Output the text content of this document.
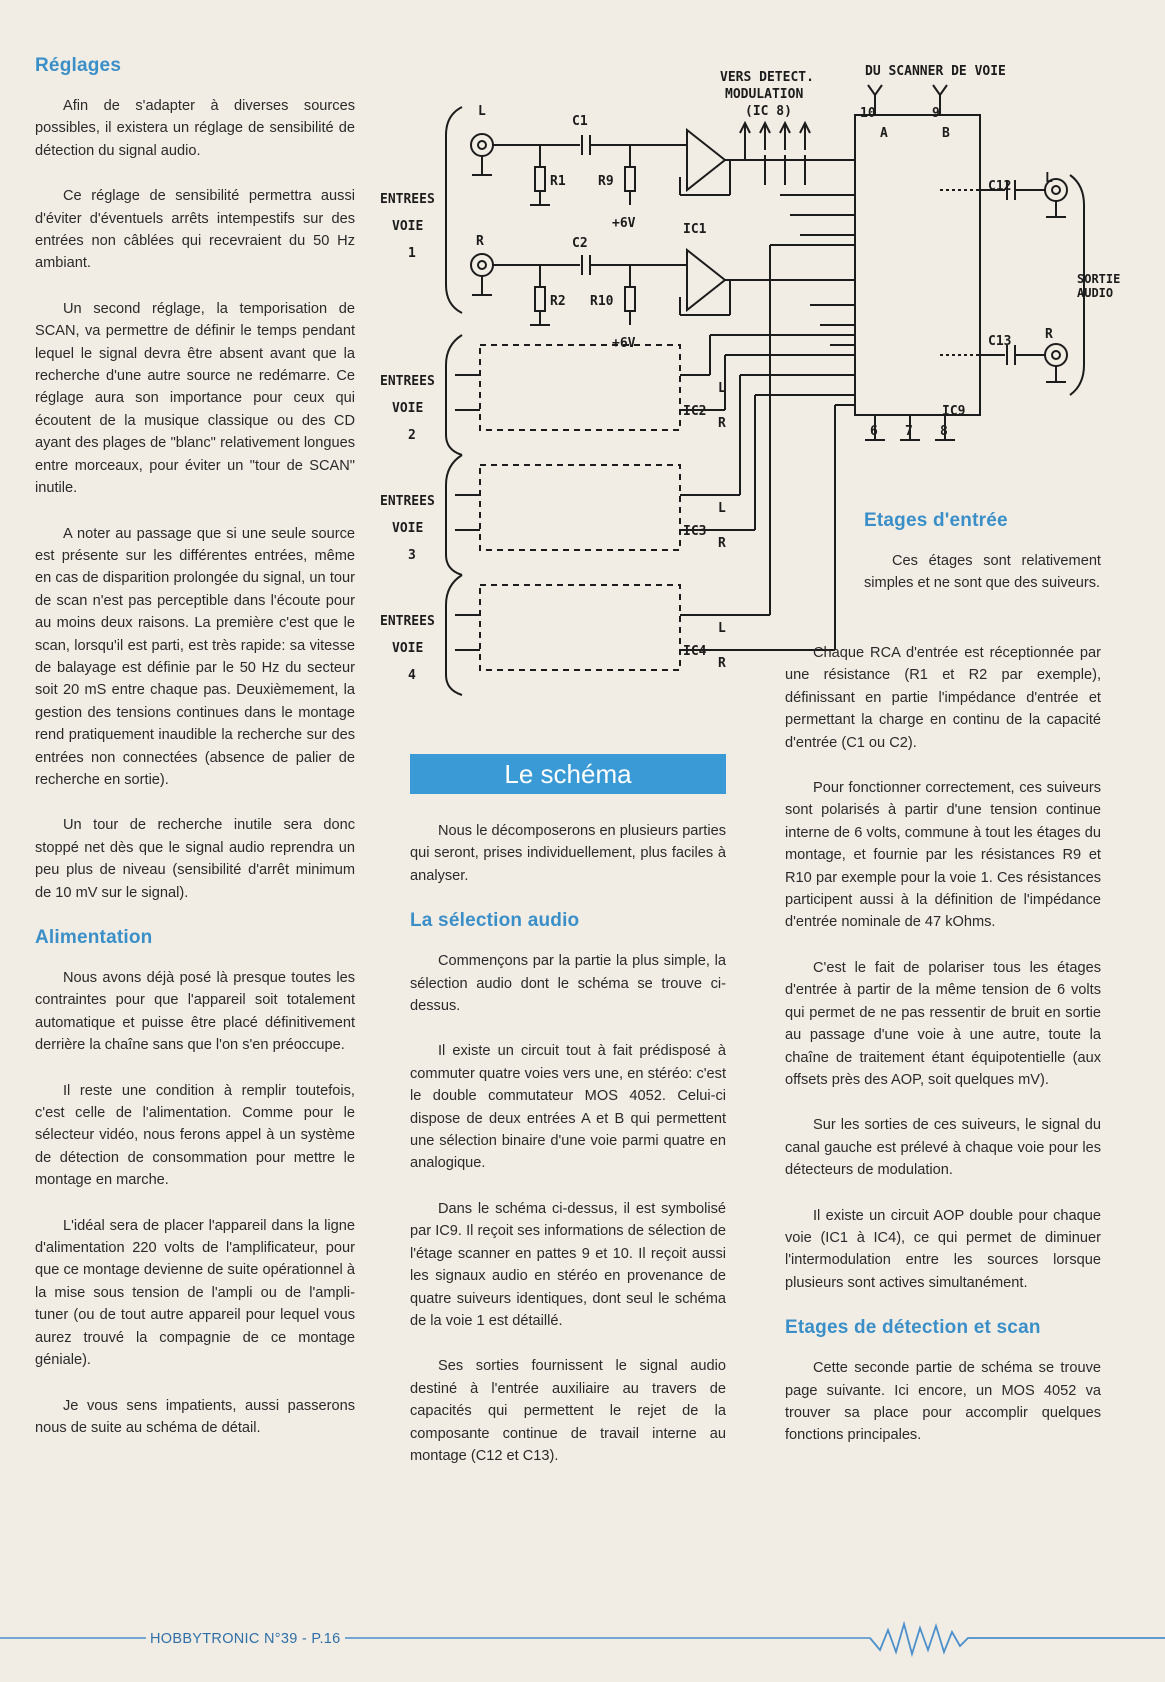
Réglages

Afin de s'adapter à diverses sources possibles, il existera un réglage de sensibilité de détection du signal audio.

Ce réglage de sensibilité permettra aussi d'éviter d'éventuels arrêts intempestifs sur des entrées non câblées qui recevraient du 50 Hz ambiant.

Un second réglage, la temporisation de SCAN, va permettre de définir le temps pendant lequel le signal devra être absent avant que la recherche d'une autre source ne redémarre. Ce réglage aura son importance pour ceux qui écoutent de la musique classique ou des CD ayant des plages de "blanc" relativement longues entre morceaux, pour éviter un "tour de SCAN" inutile.

A noter au passage que si une seule source est présente sur les différentes entrées, même en cas de disparition prolongée du signal, un tour de scan n'est pas perceptible dans l'écoute pour au moins deux raisons. La première c'est que le scan, lorsqu'il est parti, est très rapide: sa vitesse de balayage est définie par le 50 Hz du secteur soit 20 mS entre chaque pas. Deuxièmement, la gestion des tensions continues dans le montage rend pratiquement inaudible la recherche sur des entrées non connectées (absence de palier de recherche en sortie).

Un tour de recherche inutile sera donc stoppé net dès que le signal audio reprendra un peu plus de niveau (sensibilité d'arrêt minimum de 10 mV sur le signal).

Alimentation

Nous avons déjà posé là presque toutes les contraintes pour que l'appareil soit totalement automatique et puisse être placé définitivement derrière la chaîne sans que l'on s'en préoccupe.

Il reste une condition à remplir toutefois, c'est celle de l'alimentation. Comme pour le sélecteur vidéo, nous ferons appel à un système de détection de consommation pour mettre le montage en marche.

L'idéal sera de placer l'appareil dans la ligne d'alimentation 220 volts de l'amplificateur, pour que ce montage devienne de suite opérationnel à la mise sous tension de l'ampli ou de l'ampli-tuner (ou de tout autre appareil pour lequel vous aurez trouvé la compagnie de ce montage géniale).

Je vous sens impatients, aussi passerons nous de suite au schéma de détail.

ENTREES
VOIE
1
L
R
C1
C2
R1
R2
R9
R10
+6V
+6V
IC1
ENTREES
VOIE
2
IC2
L
R
ENTREES
VOIE
3
IC3
L
R
ENTREES
VOIE
4
IC4
L
R
VERS DETECT.
MODULATION
(IC 8)
DU SCANNER DE VOIE
10	9
A	B
IC9
6 7 8
C12
C13
L
R
SORTIE
AUDIO
Le schéma

Nous le décomposerons en plusieurs parties qui seront, prises individuellement, plus faciles à analyser.

La sélection audio

Commençons par la partie la plus simple, la sélection audio dont le schéma se trouve ci-dessus.

Il existe un circuit tout à fait prédisposé à commuter quatre voies vers une, en stéréo: c'est le double commutateur MOS 4052. Celui-ci dispose de deux entrées A et B qui permettent une sélection binaire d'une voie parmi quatre en analogique.

Dans le schéma ci-dessus, il est symbolisé par IC9. Il reçoit ses informations de sélection de l'étage scanner en pattes 9 et 10. Il reçoit aussi les signaux audio en stéréo en provenance de quatre suiveurs identiques, dont seul le schéma de la voie 1 est détaillé.

Ses sorties fournissent le signal audio destiné à l'entrée auxiliaire au travers de capacités qui permettent le rejet de la composante continue de travail interne au montage (C12 et C13).

Etages d'entrée

Ces étages sont relativement simples et ne sont que des suiveurs.

Chaque RCA d'entrée est réceptionnée par une résistance (R1 et R2 par exemple), définissant en partie l'impédance d'entrée et permettant la charge en continu de la capacité d'entrée (C1 ou C2).

Pour fonctionner correctement, ces suiveurs sont polarisés à partir d'une tension continue interne de 6 volts, commune à tout les étages du montage, et fournie par les résistances R9 et R10 par exemple pour la voie 1. Ces résistances participent aussi à la définition de l'impédance d'entrée nominale de 47 kOhms.

C'est le fait de polariser tous les étages d'entrée à partir de la même tension de 6 volts qui permet de ne pas ressentir de bruit en sortie au passage d'une voie à une autre, toute la chaîne de traitement étant équipotentielle (aux offsets près des AOP, soit quelques mV).

Sur les sorties de ces suiveurs, le signal du canal gauche est prélevé à chaque voie pour les détecteurs de modulation.

Il existe un circuit AOP double pour chaque voie (IC1 à IC4), ce qui permet de diminuer l'intermodulation entre les sources lorsque plusieurs sont actives simultanément.

Etages de détection et scan

Cette seconde partie de schéma se trouve page suivante. Ici encore, un MOS 4052 va trouver sa place pour accomplir quelques fonctions principales.

HOBBYTRONIC N°39 - P.16
